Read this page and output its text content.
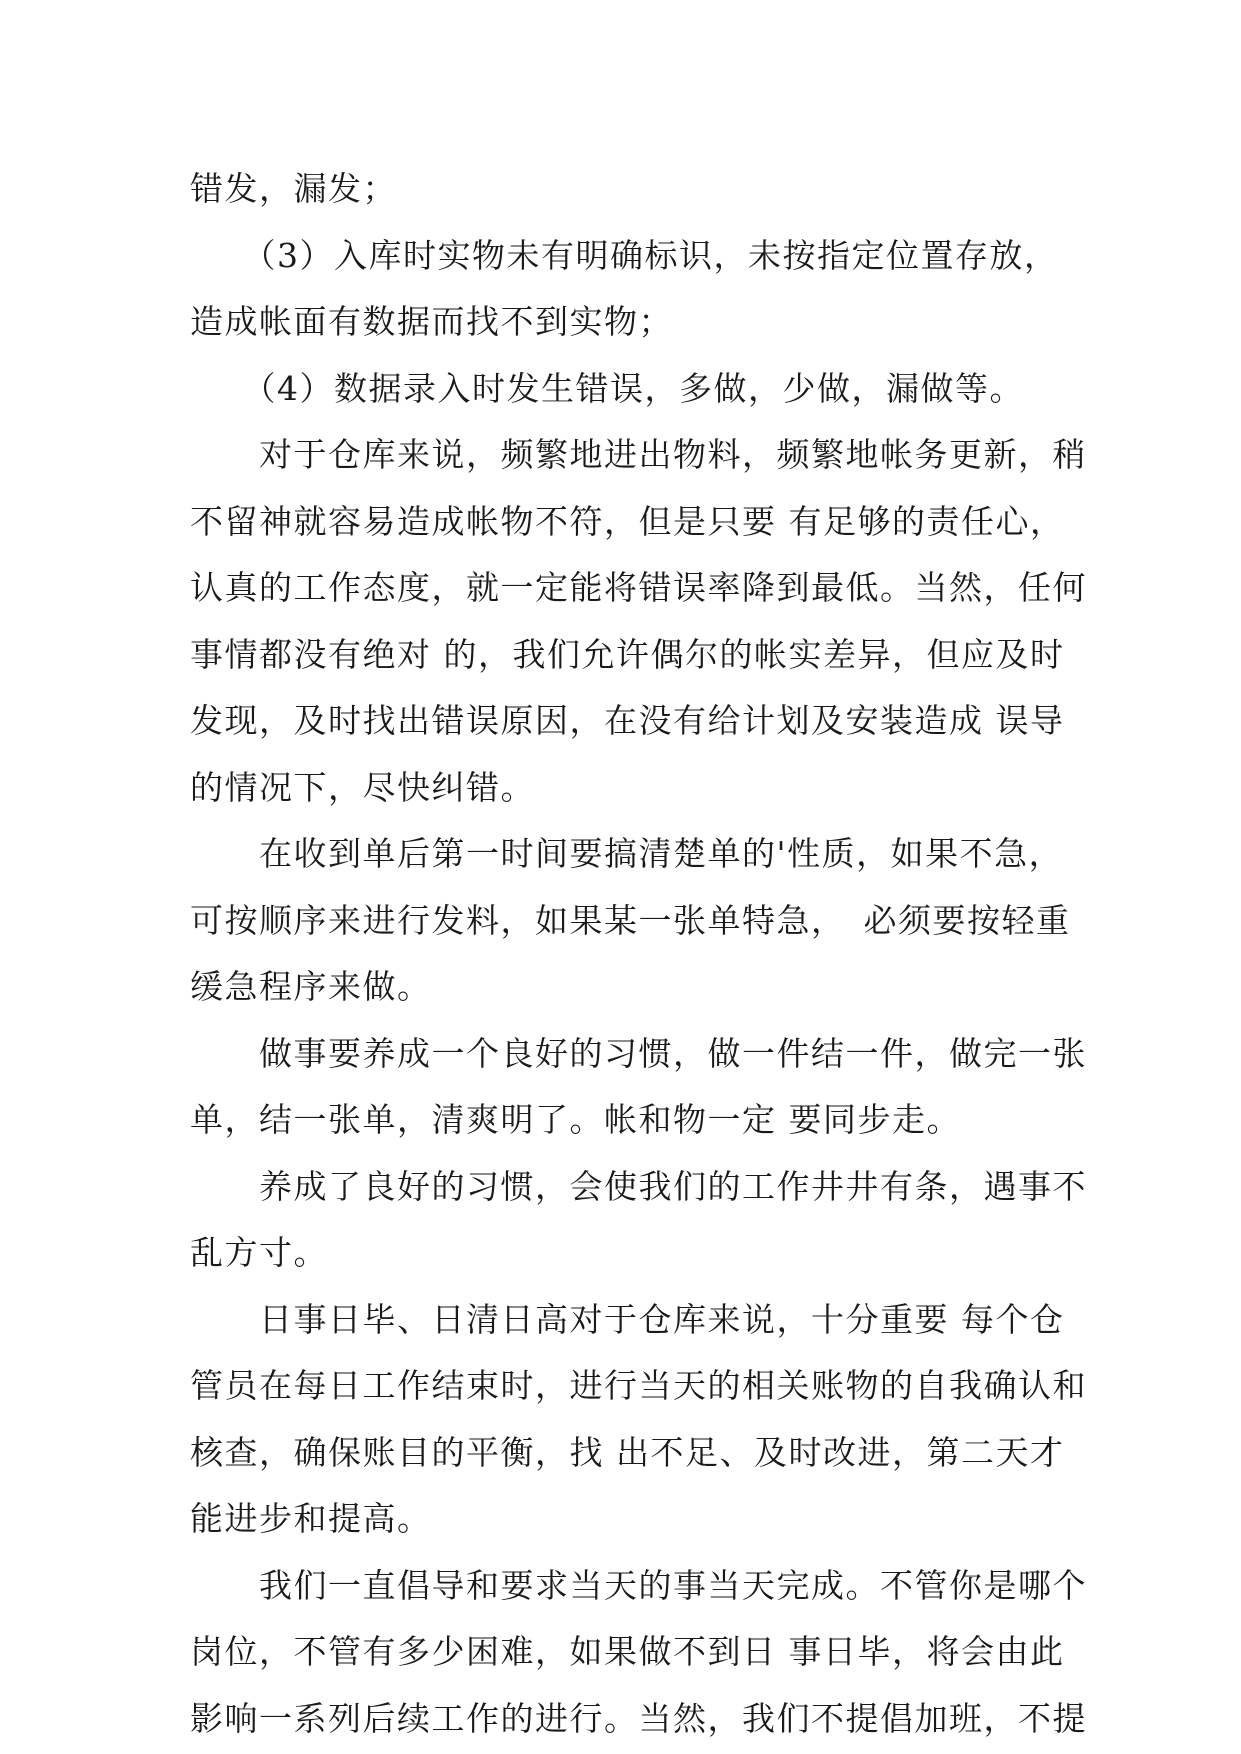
错发，漏发；
　　（3）入库时实物未有明确标识，未按指定位置存放，
造成帐面有数据而找不到实物；
　　（4）数据录入时发生错误，多做，少做，漏做等。
　　对于仓库来说，频繁地进出物料，频繁地帐务更新，稍
不留神就容易造成帐物不符，但是只要 有足够的责任心，
认真的工作态度，就一定能将错误率降到最低。当然，任何
事情都没有绝对 的，我们允许偶尔的帐实差异，但应及时
发现，及时找出错误原因，在没有给计划及安装造成 误导
的情况下，尽快纠错。
　　在收到单后第一时间要搞清楚单的'性质，如果不急，
可按顺序来进行发料，如果某一张单特急，　必须要按轻重
缓急程序来做。
　　做事要养成一个良好的习惯，做一件结一件，做完一张
单，结一张单，清爽明了。帐和物一定 要同步走。
　　养成了良好的习惯，会使我们的工作井井有条，遇事不
乱方寸。
　　日事日毕、日清日高对于仓库来说，十分重要 每个仓
管员在每日工作结束时，进行当天的相关账物的自我确认和
核查，确保账目的平衡，找 出不足、及时改进，第二天才
能进步和提高。
　　我们一直倡导和要求当天的事当天完成。不管你是哪个
岗位，不管有多少困难，如果做不到日 事日毕，将会由此
影响一系列后续工作的进行。当然，我们不提倡加班，不提
